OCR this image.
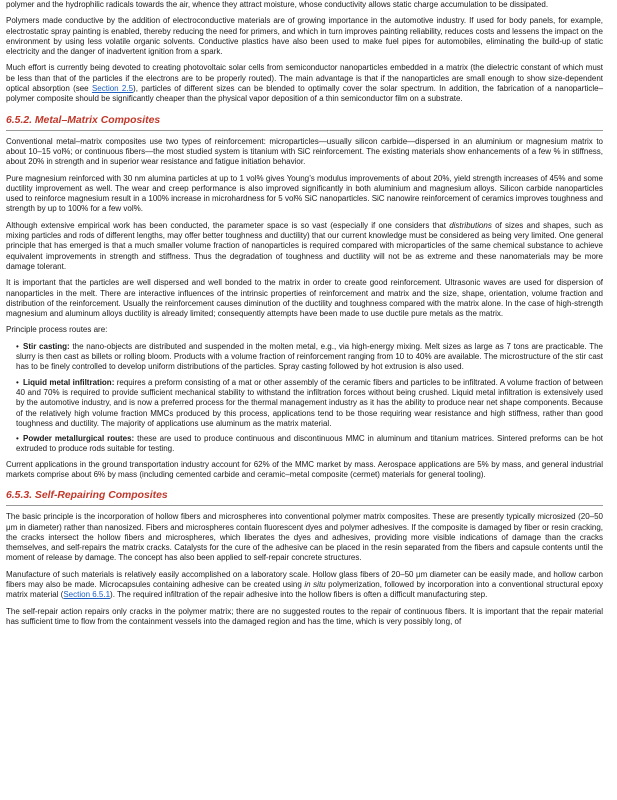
polymer and the hydrophilic radicals towards the air, whence they attract moisture, whose conductivity allows static charge accumulation to be dissipated.

Polymers made conductive by the addition of electroconductive materials are of growing importance in the automotive industry. If used for body panels, for example, electrostatic spray painting is enabled, thereby reducing the need for primers, and which in turn improves painting reliability, reduces costs and lessens the impact on the environment by using less volatile organic solvents. Conductive plastics have also been used to make fuel pipes for automobiles, eliminating the build-up of static electricity and the danger of inadvertent ignition from a spark.

Much effort is currently being devoted to creating photovoltaic solar cells from semiconductor nanoparticles embedded in a matrix (the dielectric constant of which must be less than that of the particles if the electrons are to be properly routed). The main advantage is that if the nanoparticles are small enough to show size-dependent optical absorption (see Section 2.5), particles of different sizes can be blended to optimally cover the solar spectrum. In addition, the fabrication of a nanoparticle–polymer composite should be significantly cheaper than the physical vapor deposition of a thin semiconductor film on a substrate.

6.5.2. Metal–Matrix Composites

Conventional metal–matrix composites use two types of reinforcement: microparticles—usually silicon carbide—dispersed in an aluminium or magnesium matrix to about 10–15 vol%; or continuous fibers—the most studied system is titanium with SiC reinforcement. The existing materials show enhancements of a few % in stiffness, about 20% in strength and in superior wear resistance and fatigue initiation behavior.

Pure magnesium reinforced with 30 nm alumina particles at up to 1 vol% gives Young’s modulus improvements of about 20%, yield strength increases of 45% and some ductility improvement as well. The wear and creep performance is also improved significantly in both aluminium and magnesium alloys. Silicon carbide nanoparticles used to reinforce magnesium result in a 100% increase in microhardness for 5 vol% SiC nanoparticles. SiC nanowire reinforcement of ceramics improves toughness and strength by up to 100% for a few vol%.

Although extensive empirical work has been conducted, the parameter space is so vast (especially if one considers that distributions of sizes and shapes, such as mixing particles and rods of different lengths, may offer better toughness and ductility) that our current knowledge must be considered as being very limited. One general principle that has emerged is that a much smaller volume fraction of nanoparticles is required compared with microparticles of the same chemical substance to achieve equivalent improvements in strength and stiffness. Thus the degradation of toughness and ductility will not be as extreme and these nanomaterials may be more damage tolerant.

It is important that the particles are well dispersed and well bonded to the matrix in order to create good reinforcement. Ultrasonic waves are used for dispersion of nanoparticles in the melt. There are interactive influences of the intrinsic properties of reinforcement and matrix and the size, shape, orientation, volume fraction and distribution of the reinforcement. Usually the reinforcement causes diminution of the ductility and toughness compared with the matrix alone. In the case of high-strength magnesium and aluminum alloys ductility is already limited; consequently attempts have been made to use ductile pure metals as the matrix.

Principle process routes are:

• Stir casting: the nano-objects are distributed and suspended in the molten metal, e.g., via high-energy mixing. Melt sizes as large as 7 tons are practicable. The slurry is then cast as billets or rolling bloom. Products with a volume fraction of reinforcement ranging from 10 to 40% are available. The microstructure of the stir cast has to be finely controlled to develop uniform distributions of the particles. Spray casting followed by hot extrusion is also used.
• Liquid metal infiltration: requires a preform consisting of a mat or other assembly of the ceramic fibers and particles to be infiltrated. A volume fraction of between 40 and 70% is required to provide sufficient mechanical stability to withstand the infiltration forces without being crushed. Liquid metal infiltration is extensively used by the automotive industry, and is now a preferred process for the thermal management industry as it has the ability to produce near net shape components. Because of the relatively high volume fraction MMCs produced by this process, applications tend to be those requiring wear resistance and high stiffness, rather than good toughness and ductility. The majority of applications use aluminum as the matrix material.
• Powder metallurgical routes: these are used to produce continuous and discontinuous MMC in aluminum and titanium matrices. Sintered preforms can be hot extruded to produce rods suitable for testing.

Current applications in the ground transportation industry account for 62% of the MMC market by mass. Aerospace applications are 5% by mass, and general industrial markets comprise about 6% by mass (including cemented carbide and ceramic–metal composite (cermet) materials for general tooling).

6.5.3. Self-Repairing Composites

The basic principle is the incorporation of hollow fibers and microspheres into conventional polymer matrix composites. These are presently typically microsized (20–50 μm in diameter) rather than nanosized. Fibers and microspheres contain fluorescent dyes and polymer adhesives. If the composite is damaged by fiber or resin cracking, the cracks intersect the hollow fibers and microspheres, which liberates the dyes and adhesives, providing more visible indications of damage than the cracks themselves, and self-repairs the matrix cracks. Catalysts for the cure of the adhesive can be placed in the resin separated from the fibers and capsule contents until the moment of release by damage. The concept has also been applied to self-repair concrete structures.

Manufacture of such materials is relatively easily accomplished on a laboratory scale. Hollow glass fibers of 20–50 μm diameter can be easily made, and hollow carbon fibers may also be made. Microcapsules containing adhesive can be created using in situ polymerization, followed by incorporation into a conventional structural epoxy matrix material (Section 6.5.1). The required infiltration of the repair adhesive into the hollow fibers is often a difficult manufacturing step.

The self-repair action repairs only cracks in the polymer matrix; there are no suggested routes to the repair of continuous fibers. It is important that the repair material has sufficient time to flow from the containment vessels into the damaged region and has the time, which is very possibly long, of
